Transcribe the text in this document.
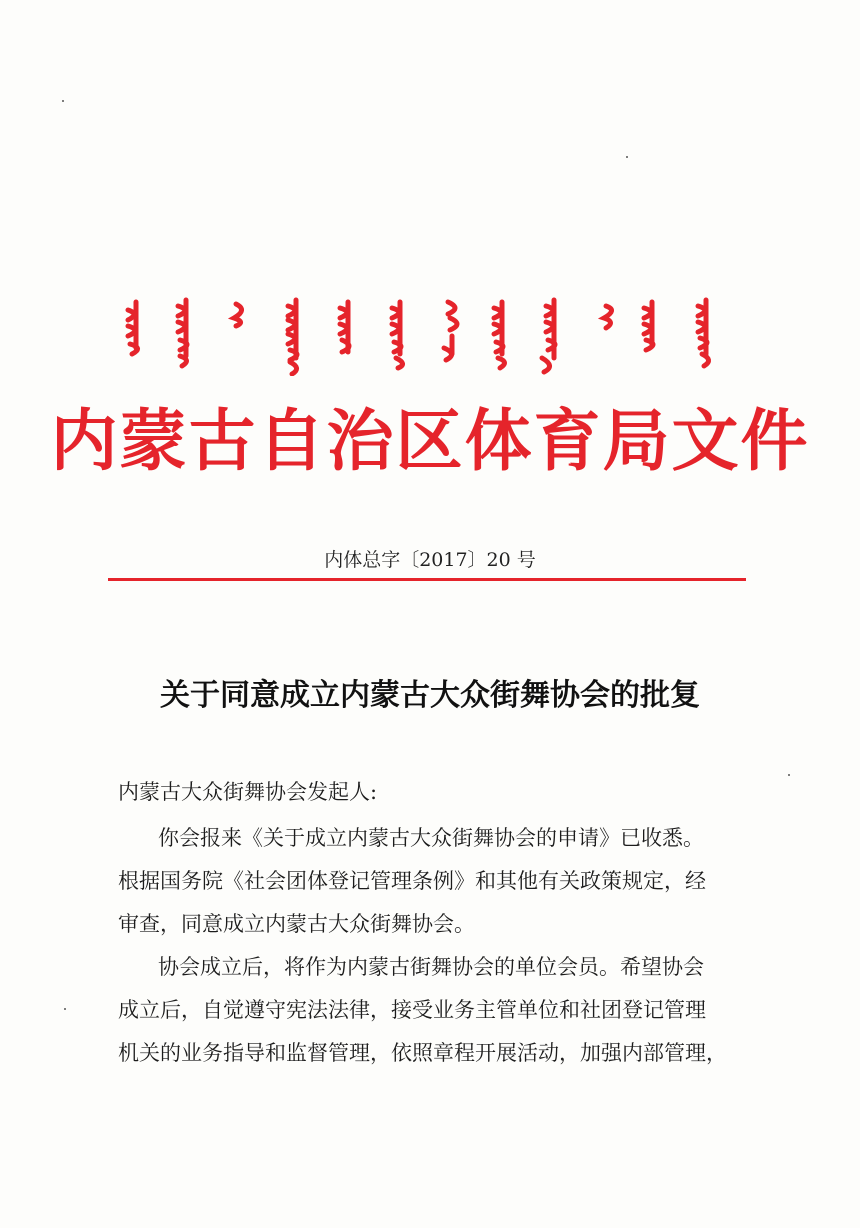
内蒙古自治区体育局文件
内体总字〔2017〕20 号
关于同意成立内蒙古大众街舞协会的批复
内蒙古大众街舞协会发起人:
你会报来《关于成立内蒙古大众街舞协会的申请》已收悉。
根据国务院《社会团体登记管理条例》和其他有关政策规定，经
审查，同意成立内蒙古大众街舞协会。
协会成立后，将作为内蒙古街舞协会的单位会员。希望协会
成立后，自觉遵守宪法法律，接受业务主管单位和社团登记管理
机关的业务指导和监督管理，依照章程开展活动，加强内部管理，
